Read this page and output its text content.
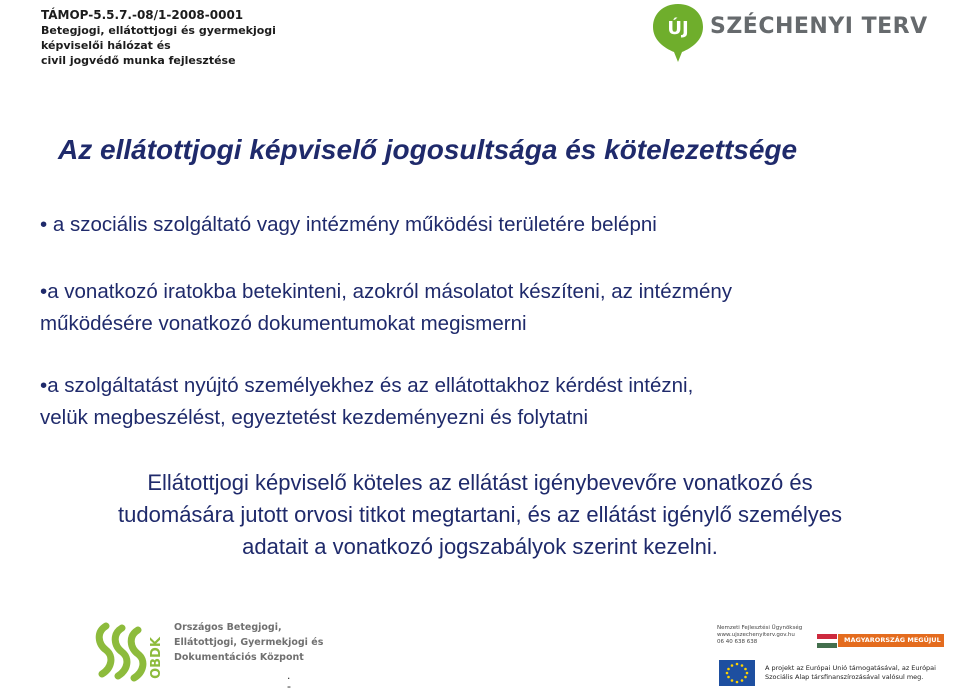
TÁMOP-5.5.7.-08/1-2008-0001
Betegjogi, ellátottjogi és gyermekjogi
képviselői hálózat és
civil jogvédő munka fejlesztése
ÚJ SZÉCHENYI TERV
Az ellátottjogi képviselő jogosultsága és kötelezettsége

• a szociális szolgáltató vagy intézmény működési területére belépni

•a vonatkozó iratokba betekinteni, azokról másolatot készíteni, az intézmény
működésére vonatkozó dokumentumokat megismerni

•a szolgáltatást nyújtó személyekhez és az ellátottakhoz kérdést intézni,
velük megbeszélést, egyeztetést kezdeményezni és folytatni

Ellátottjogi képviselő köteles az ellátást igénybevevőre vonatkozó és
tudomására jutott orvosi titkot megtartani, és az ellátást igénylő személyes
adatait a vonatkozó jogszabályok szerint kezelni.

OBDK
Országos Betegjogi,
Ellátottjogi, Gyermekjogi és
Dokumentációs Központ
.
-
Nemzeti Fejlesztési Ügynökség
www.ujszechenyiterv.gov.hu
06 40 638 638	MAGYARORSZÁG MEGÚJUL
A projekt az Európai Unió támogatásával, az Európai
Szociális Alap társfinanszírozásával valósul meg.
